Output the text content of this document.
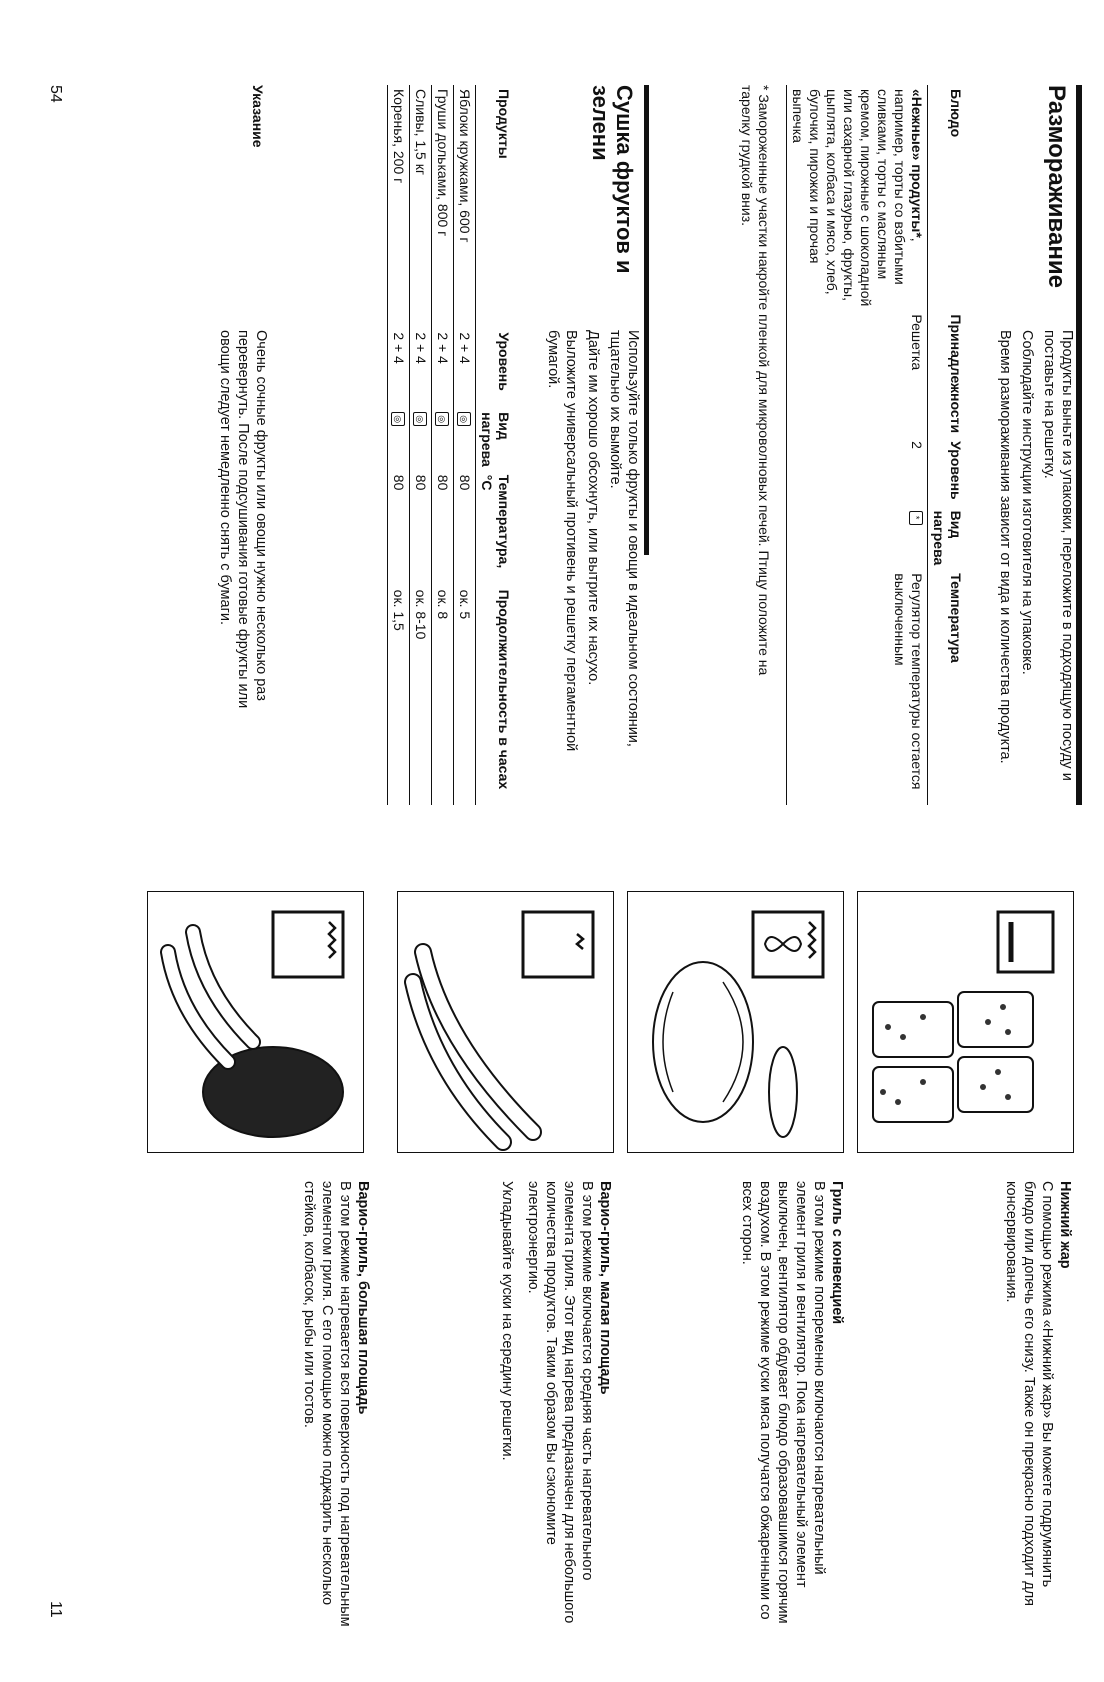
Размораживание

Продукты выньте из упаковки, переложите в подходящую посуду и поставьте на решетку.

Соблюдайте инструкции изготовителя на упаковке.

Время размораживания зависит от вида и количества продукта.

Блюдо	Принадлежности	Уровень	Вид нагрева	Температура
«Нежные» продукты*, например, торты со взбитыми сливками, торты с масляным кремом, пирожные с шоколадной или сахарной глазурью, фрукты, цыплята, колбаса и мясо, хлеб, булочки, пирожки и прочая выпечка	Решетка	2	*	Регулятор температуры остается выключенным
* Замороженные участки накройте пленкой для микроволновых печей. Птицу положите на тарелку грудкой вниз.
Сушка фруктов и зелени

Используйте только фрукты и овощи в идеальном состоянии, тщательно их вымойте.

Дайте им хорошо обсохнуть, или вытрите их насухо.

Выложите универсальный противень и решетку пергаментной бумагой.

Продукты	Уровень	Вид нагрева	Температура, °C	Продолжительность в часах
Яблоки кружками, 600 г	2 + 4	◎	80	ок. 5
Груши дольками, 800 г	2 + 4	◎	80	ок. 8
Сливы, 1,5 кг	2 + 4	◎	80	ок. 8-10
Коренья, 200 г	2 + 4	◎	80	ок. 1,5
Указание
Очень сочные фрукты или овощи нужно несколько раз перевернуть. После подсушивания готовые фрукты или овощи следует немедленно снять с бумаги.
54

Нижний жар

С помощью режима «Нижний жар» Вы можете подрумянить блюдо или допечь его снизу. Также он прекрасно подходит для консервирования.

Гриль с конвекцией

В этом режиме попеременно включаются нагревательный элемент гриля и вентилятор. Пока нагревательный элемент выключен, вентилятор обдувает блюдо образовавшимся горячим воздухом. В этом режиме куски мяса получатся обжаренными со всех сторон.

Варио-гриль, малая площадь

В этом режиме включается средняя часть нагревательного элемента гриля. Этот вид нагрева предназначен для небольшого количества продуктов. Таким образом Вы сэкономите электроэнергию.

Укладывайте куски на середину решетки.

Варио-гриль, большая площадь

В этом режиме нагревается вся поверхность под нагревательным элементом гриля. С его помощью можно поджарить несколько стейков, колбасок, рыбы или тостов.

11
